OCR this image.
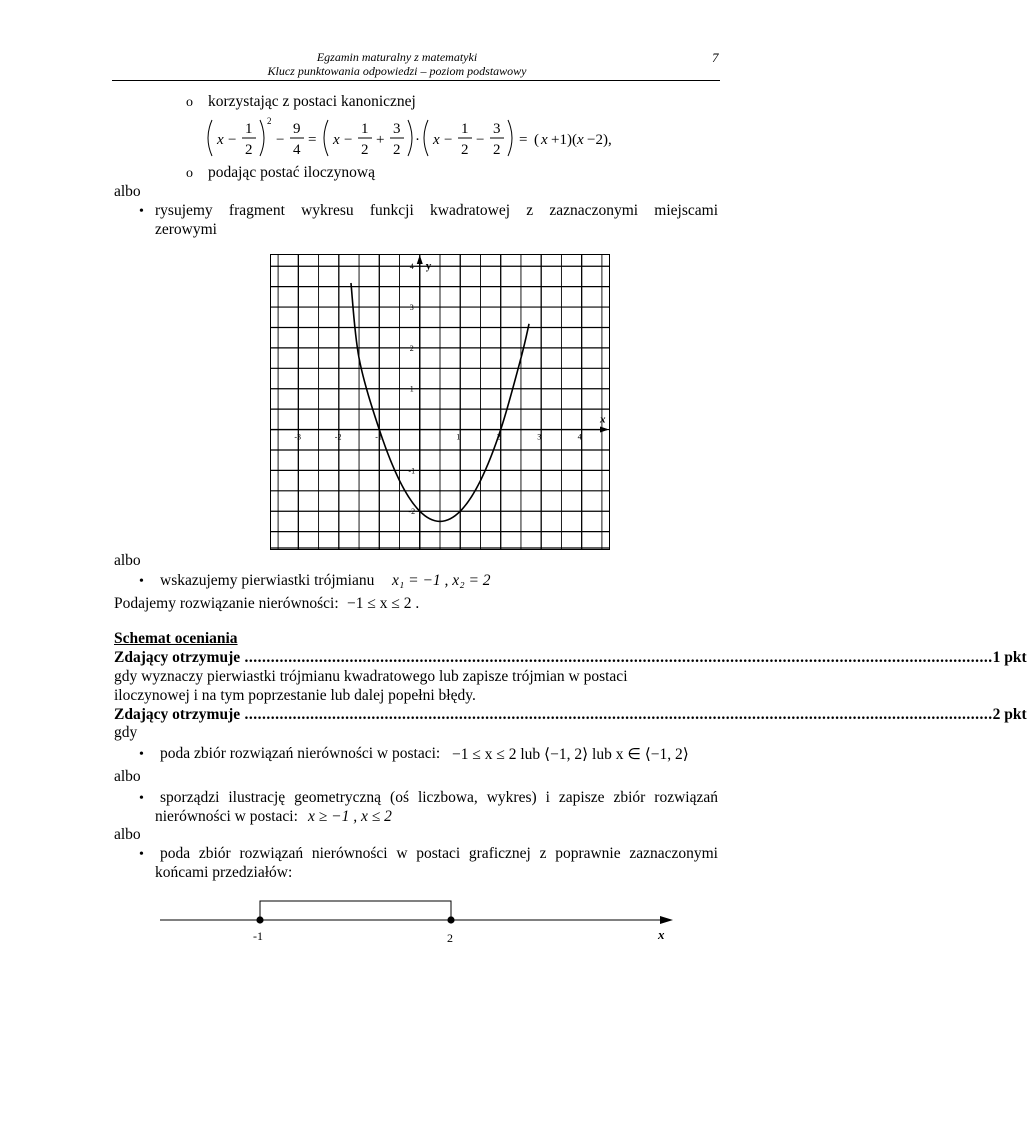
Egzamin maturalny z matematyki
Klucz punktowania odpowiedzi – poziom podstawowy
7
o korzystając z postaci kanonicznej
x −
1
2
2
−
9
4
= x −
1
2
+
3
2
· x −
1
2
−
3
2
= ( x +1)( x −2),
o podając postać iloczynową
albo
• rysujemy fragment wykresu funkcji kwadratowej z zaznaczonymi miejscami
zerowymi
x
y
-3	-2	-1	1	2	3	4
4
3
2
1
-1
-2
albo
• wskazujemy pierwiastki trójmianu x₁ = −1 , x₂ = 2
Podajemy rozwiązanie nierówności: −1 ≤ x ≤ 2 .
Schemat oceniania
Zdający otrzymuje ........................................................................................................................................................................... 1 pkt
gdy wyznaczy pierwiastki trójmianu kwadratowego lub zapisze trójmian w postaci
iloczynowej i na tym poprzestanie lub dalej popełni błędy.
Zdający otrzymuje ........................................................................................................................................................................... 2 pkt
gdy
• poda zbiór rozwiązań nierówności w postaci: −1 ≤ x ≤ 2 lub ⟨−1, 2⟩ lub x ∈ ⟨−1, 2⟩
albo
• sporządzi ilustrację geometryczną (oś liczbowa, wykres) i zapisze zbiór rozwiązań
nierówności w postaci: x ≥ −1 , x ≤ 2
albo
• poda zbiór rozwiązań nierówności w postaci graficznej z poprawnie zaznaczonymi
końcami przedziałów:
-1	2	x
